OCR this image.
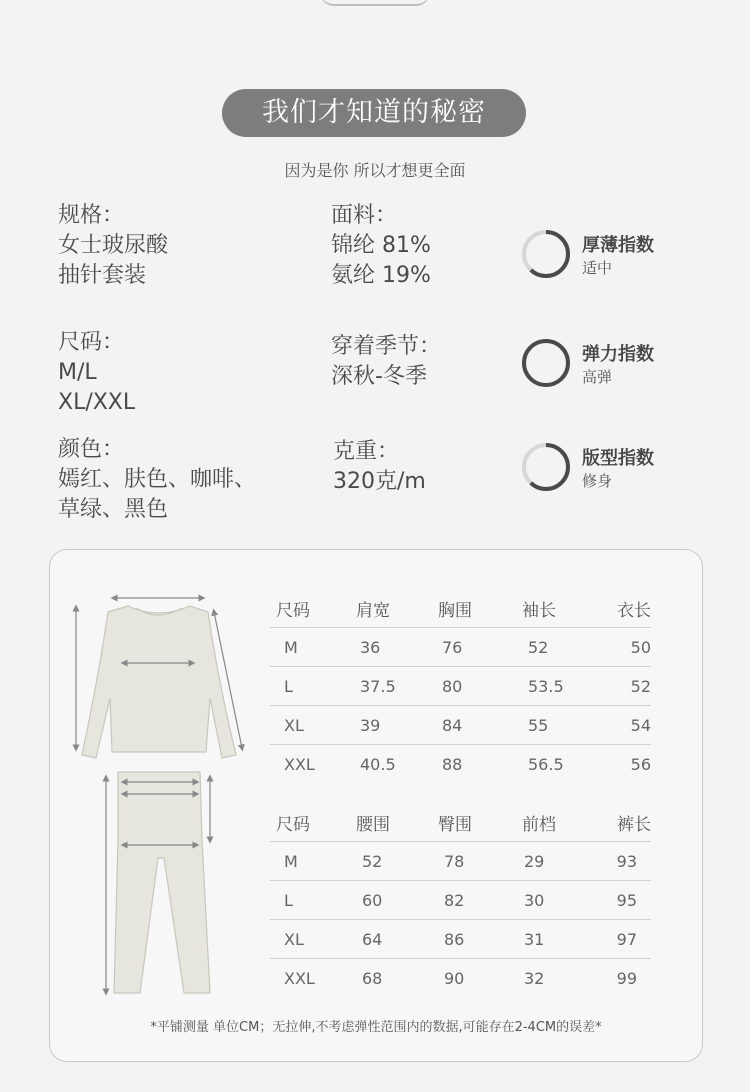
我们才知道的秘密
因为是你 所以才想更全面
规格：
女士玻尿酸
抽针套装
尺码：
M/L
XL/XXL
颜色：
嫣红、肤色、咖啡、
草绿、黑色
面料：
锦纶 81%
氨纶 19%
穿着季节：
深秋-冬季
克重：
320克/m
厚薄指数
适中
弹力指数
高弹
版型指数
修身
尺码	肩宽	胸围	袖长	衣长
M	36	76	52	50
L	37.5	80	53.5	52
XL	39	84	55	54
XXL	40.5	88	56.5	56
尺码	腰围	臀围	前档	裤长
M	52	78	29	93
L	60	82	30	95
XL	64	86	31	97
XXL	68	90	32	99
*平铺测量 单位CM；无拉伸,不考虑弹性范围内的数据,可能存在2-4CM的误差*
